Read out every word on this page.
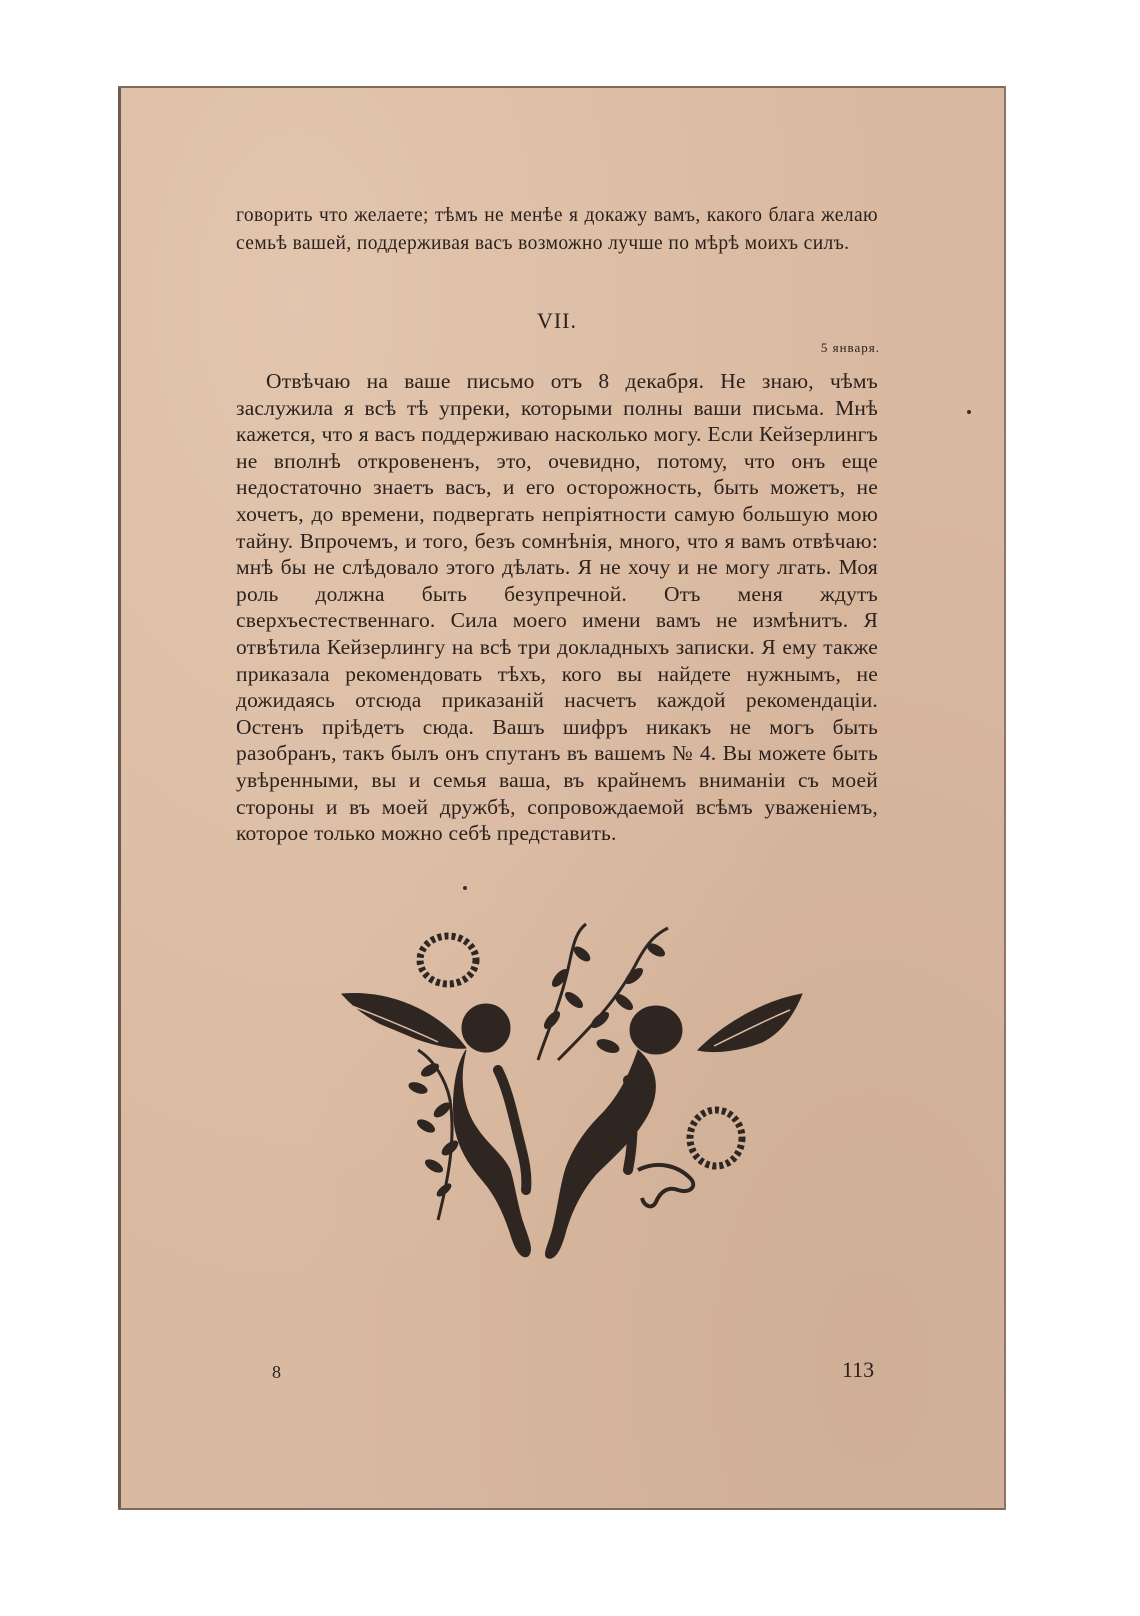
говорить что желаете; тѣмъ не менѣе я докажу вамъ, какого блага желаю семьѣ вашей, поддерживая васъ возможно лучше по мѣрѣ моихъ силъ.
VII.
5 января.
Отвѣчаю на ваше письмо отъ 8 декабря. Не знаю, чѣмъ заслужила я всѣ тѣ упреки, которыми полны ваши письма. Мнѣ кажется, что я васъ поддерживаю насколько могу. Если Кейзерлингъ не вполнѣ откровененъ, это, очевидно, потому, что онъ еще недостаточно знаетъ васъ, и его осторожность, быть можетъ, не хочетъ, до времени, подвергать непріятности самую большую мою тайну. Впрочемъ, и того, безъ сомнѣнія, много, что я вамъ отвѣчаю: мнѣ бы не слѣдовало этого дѣлать. Я не хочу и не могу лгать. Моя роль должна быть безупречной. Отъ меня ждутъ сверхъестественнаго. Сила моего имени вамъ не измѣнитъ. Я отвѣтила Кейзерлингу на всѣ три докладныхъ записки. Я ему также приказала рекомендовать тѣхъ, кого вы найдете нужнымъ, не дожидаясь отсюда приказаній насчетъ каждой рекомендаціи. Остенъ пріѣдетъ сюда. Вашъ шифръ никакъ не могъ быть разобранъ, такъ былъ онъ спутанъ въ вашемъ № 4. Вы можете быть увѣренными, вы и семья ваша, въ крайнемъ вниманіи съ моей стороны и въ моей дружбѣ, сопровождаемой всѣмъ уваженіемъ, которое только можно себѣ представить.
8	113
